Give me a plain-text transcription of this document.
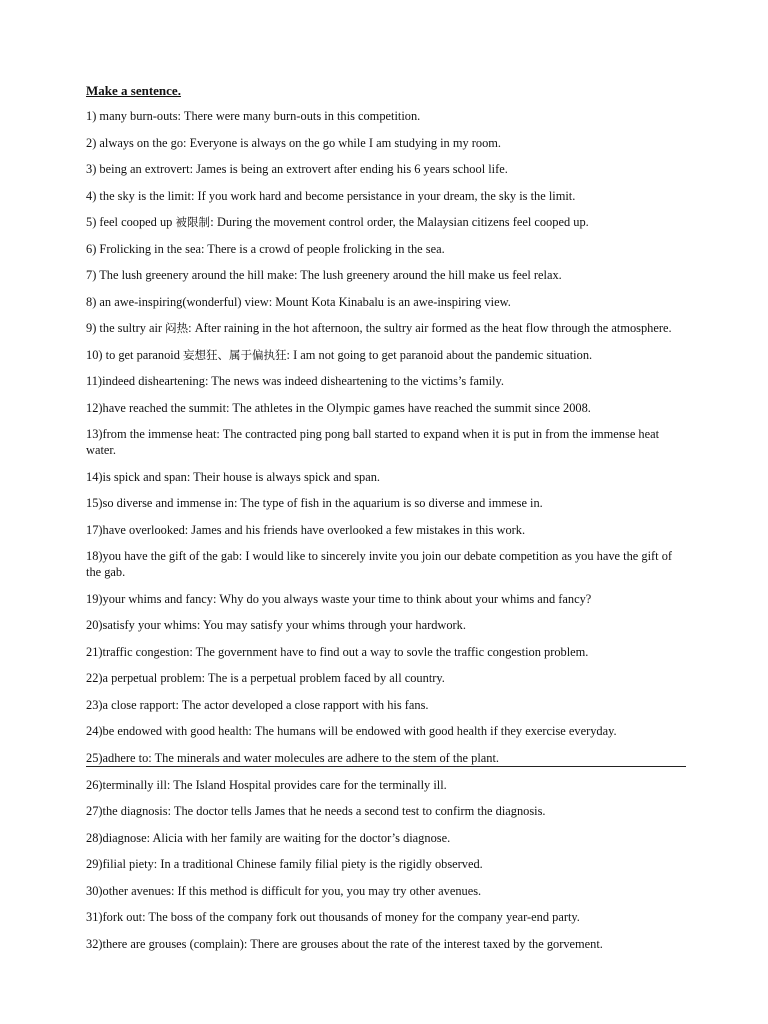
Make a sentence.
1) many burn-outs: There were many burn-outs in this competition.
2) always on the go: Everyone is always on the go while I am studying in my room.
3) being an extrovert: James is being an extrovert after ending his 6 years school life.
4) the sky is the limit: If you work hard and become persistance in your dream, the sky is the limit.
5) feel cooped up 被限制: During the movement control order, the Malaysian citizens feel cooped up.
6) Frolicking in the sea: There is a crowd of people frolicking in the sea.
7) The lush greenery around the hill make: The lush greenery around the hill make us feel relax.
8) an awe-inspiring(wonderful) view: Mount Kota Kinabalu is an awe-inspiring view.
9) the sultry air 闷热: After raining in the hot afternoon, the sultry air formed as the heat flow through the atmosphere.
10) to get paranoid 妄想狂、属于偏执狂: I am not going to get paranoid about the pandemic situation.
11)indeed disheartening: The news was indeed disheartening to the victims’s family.
12)have reached the summit: The athletes in the Olympic games have reached the summit since 2008.
13)from the immense heat: The contracted ping pong ball started to expand when it is put in from the immense heat water.
14)is spick and span: Their house is always spick and span.
15)so diverse and immense in: The type of fish in the aquarium is so diverse and immese in.
17)have overlooked: James and his friends have overlooked a few mistakes in this work.
18)you have the gift of the gab: I would like to sincerely invite you join our debate competition as you have the gift of the gab.
19)your whims and fancy: Why do you always waste your time to think about your whims and fancy?
20)satisfy your whims: You may satisfy your whims through your hardwork.
21)traffic congestion: The government have to find out a way to sovle the traffic congestion problem.
22)a perpetual problem: The is a perpetual problem faced by all country.
23)a close rapport: The actor developed a close rapport with his fans.
24)be endowed with good health: The humans will be endowed with good health if they exercise everyday.
25)adhere to: The minerals and water molecules are adhere to the stem of the plant.
26)terminally ill: The Island Hospital provides care for the terminally ill.
27)the diagnosis: The doctor tells James that he needs a second test to confirm the diagnosis.
28)diagnose: Alicia with her family are waiting for the doctor’s diagnose.
29)filial piety: In a traditional Chinese family filial piety is the rigidly observed.
30)other avenues: If this method is difficult for you, you may try other avenues.
31)fork out: The boss of the company fork out thousands of money for the company year-end party.
32)there are grouses (complain): There are grouses about the rate of the interest taxed by the gorvement.
